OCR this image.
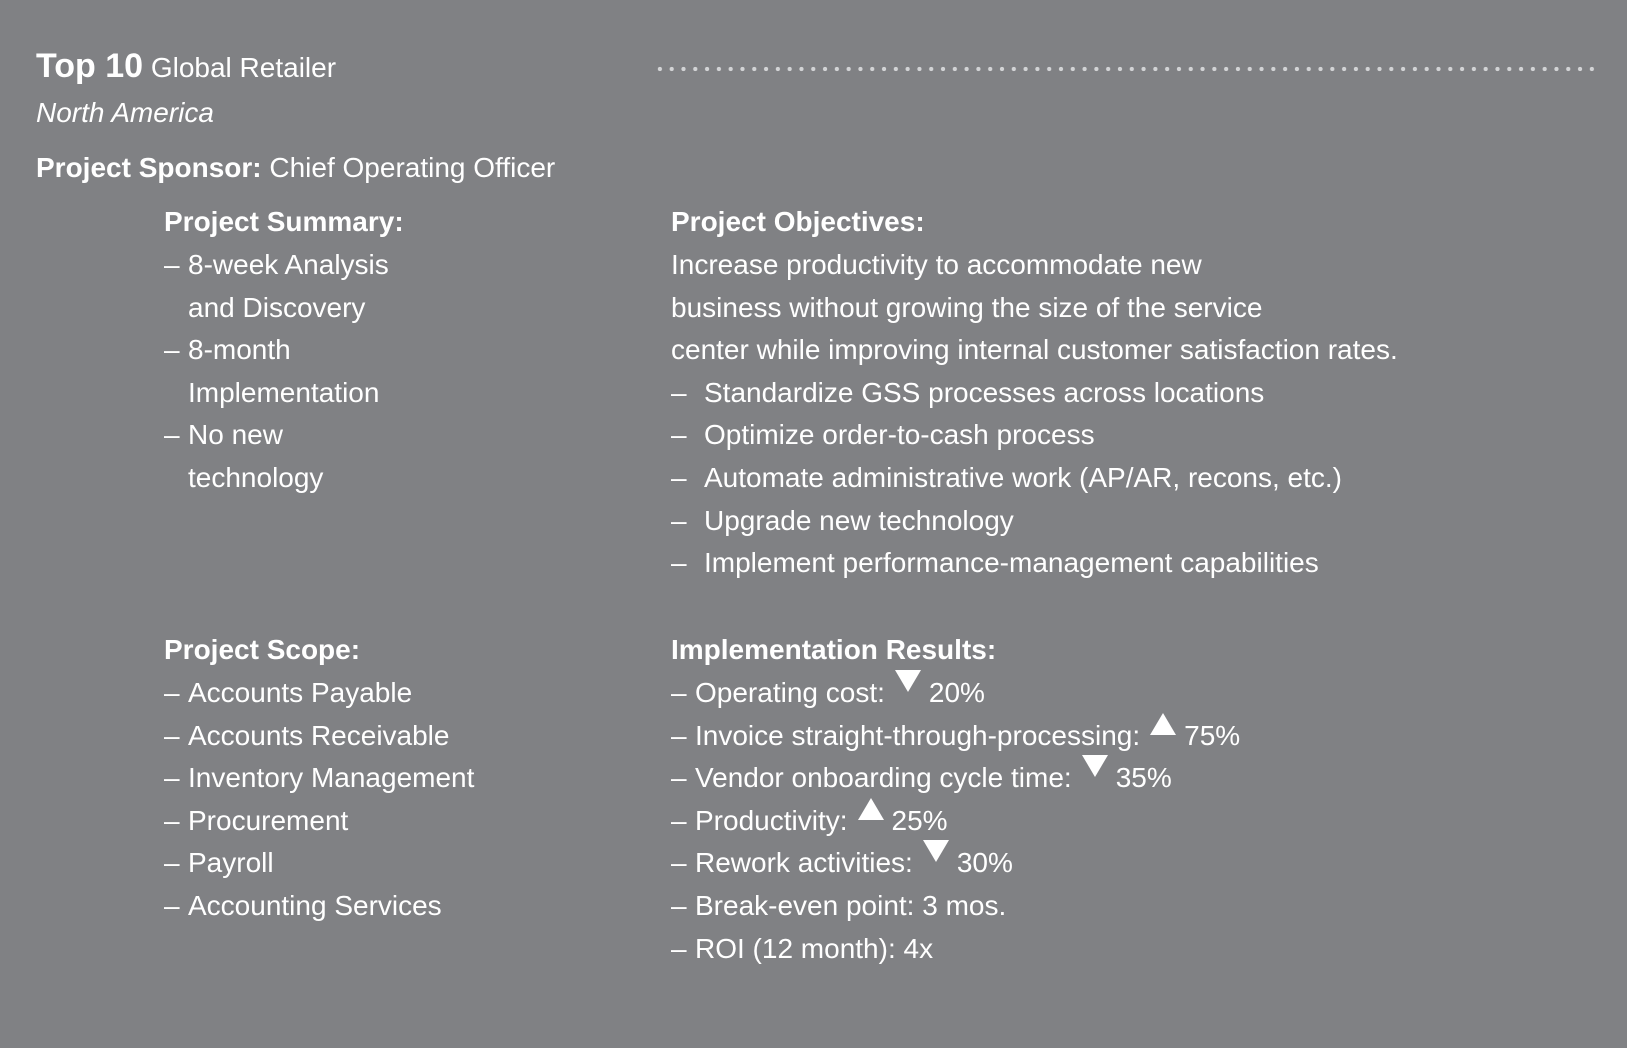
Top 10 Global Retailer
North America
Project Sponsor: Chief Operating Officer
Project Summary:
– 8-week Analysis
and Discovery
– 8-month
Implementation
– No new
technology
Project Objectives:
Increase productivity to accommodate new
business without growing the size of the service
center while improving internal customer satisfaction rates.
– Standardize GSS processes across locations
– Optimize order-to-cash process
– Automate administrative work (AP/AR, recons, etc.)
– Upgrade new technology
– Implement performance-management capabilities
Project Scope:
– Accounts Payable
– Accounts Receivable
– Inventory Management
– Procurement
– Payroll
– Accounting Services
Implementation Results:
– Operating cost: 20%
– Invoice straight-through-processing: 75%
– Vendor onboarding cycle time: 35%
– Productivity: 25%
– Rework activities: 30%
– Break-even point: 3 mos.
– ROI (12 month): 4x
